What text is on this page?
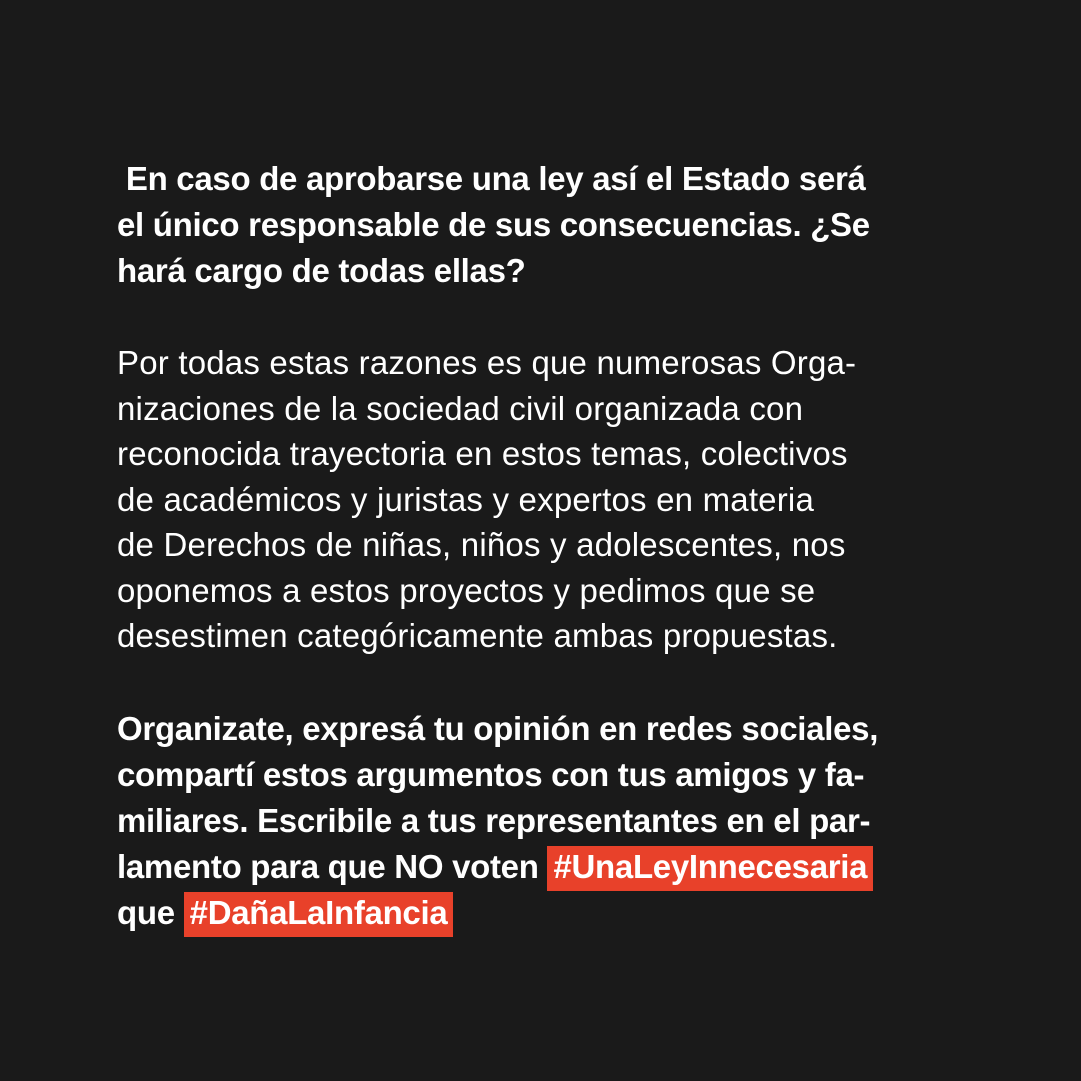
En caso de aprobarse una ley así el Estado será
el único responsable de sus consecuencias. ¿Se
hará cargo de todas ellas?
Por todas estas razones es que numerosas Orga-
nizaciones de la sociedad civil organizada con
reconocida trayectoria en estos temas, colectivos
de académicos y juristas y expertos en materia
de Derechos de niñas, niños y adolescentes, nos
oponemos a estos proyectos y pedimos que se
desestimen categóricamente ambas propuestas.
Organizate, expresá tu opinión en redes sociales,
compartí estos argumentos con tus amigos y fa-
miliares. Escribile a tus representantes en el par-
lamento para que NO voten #UnaLeyInnecesaria
que #DañaLaInfancia
